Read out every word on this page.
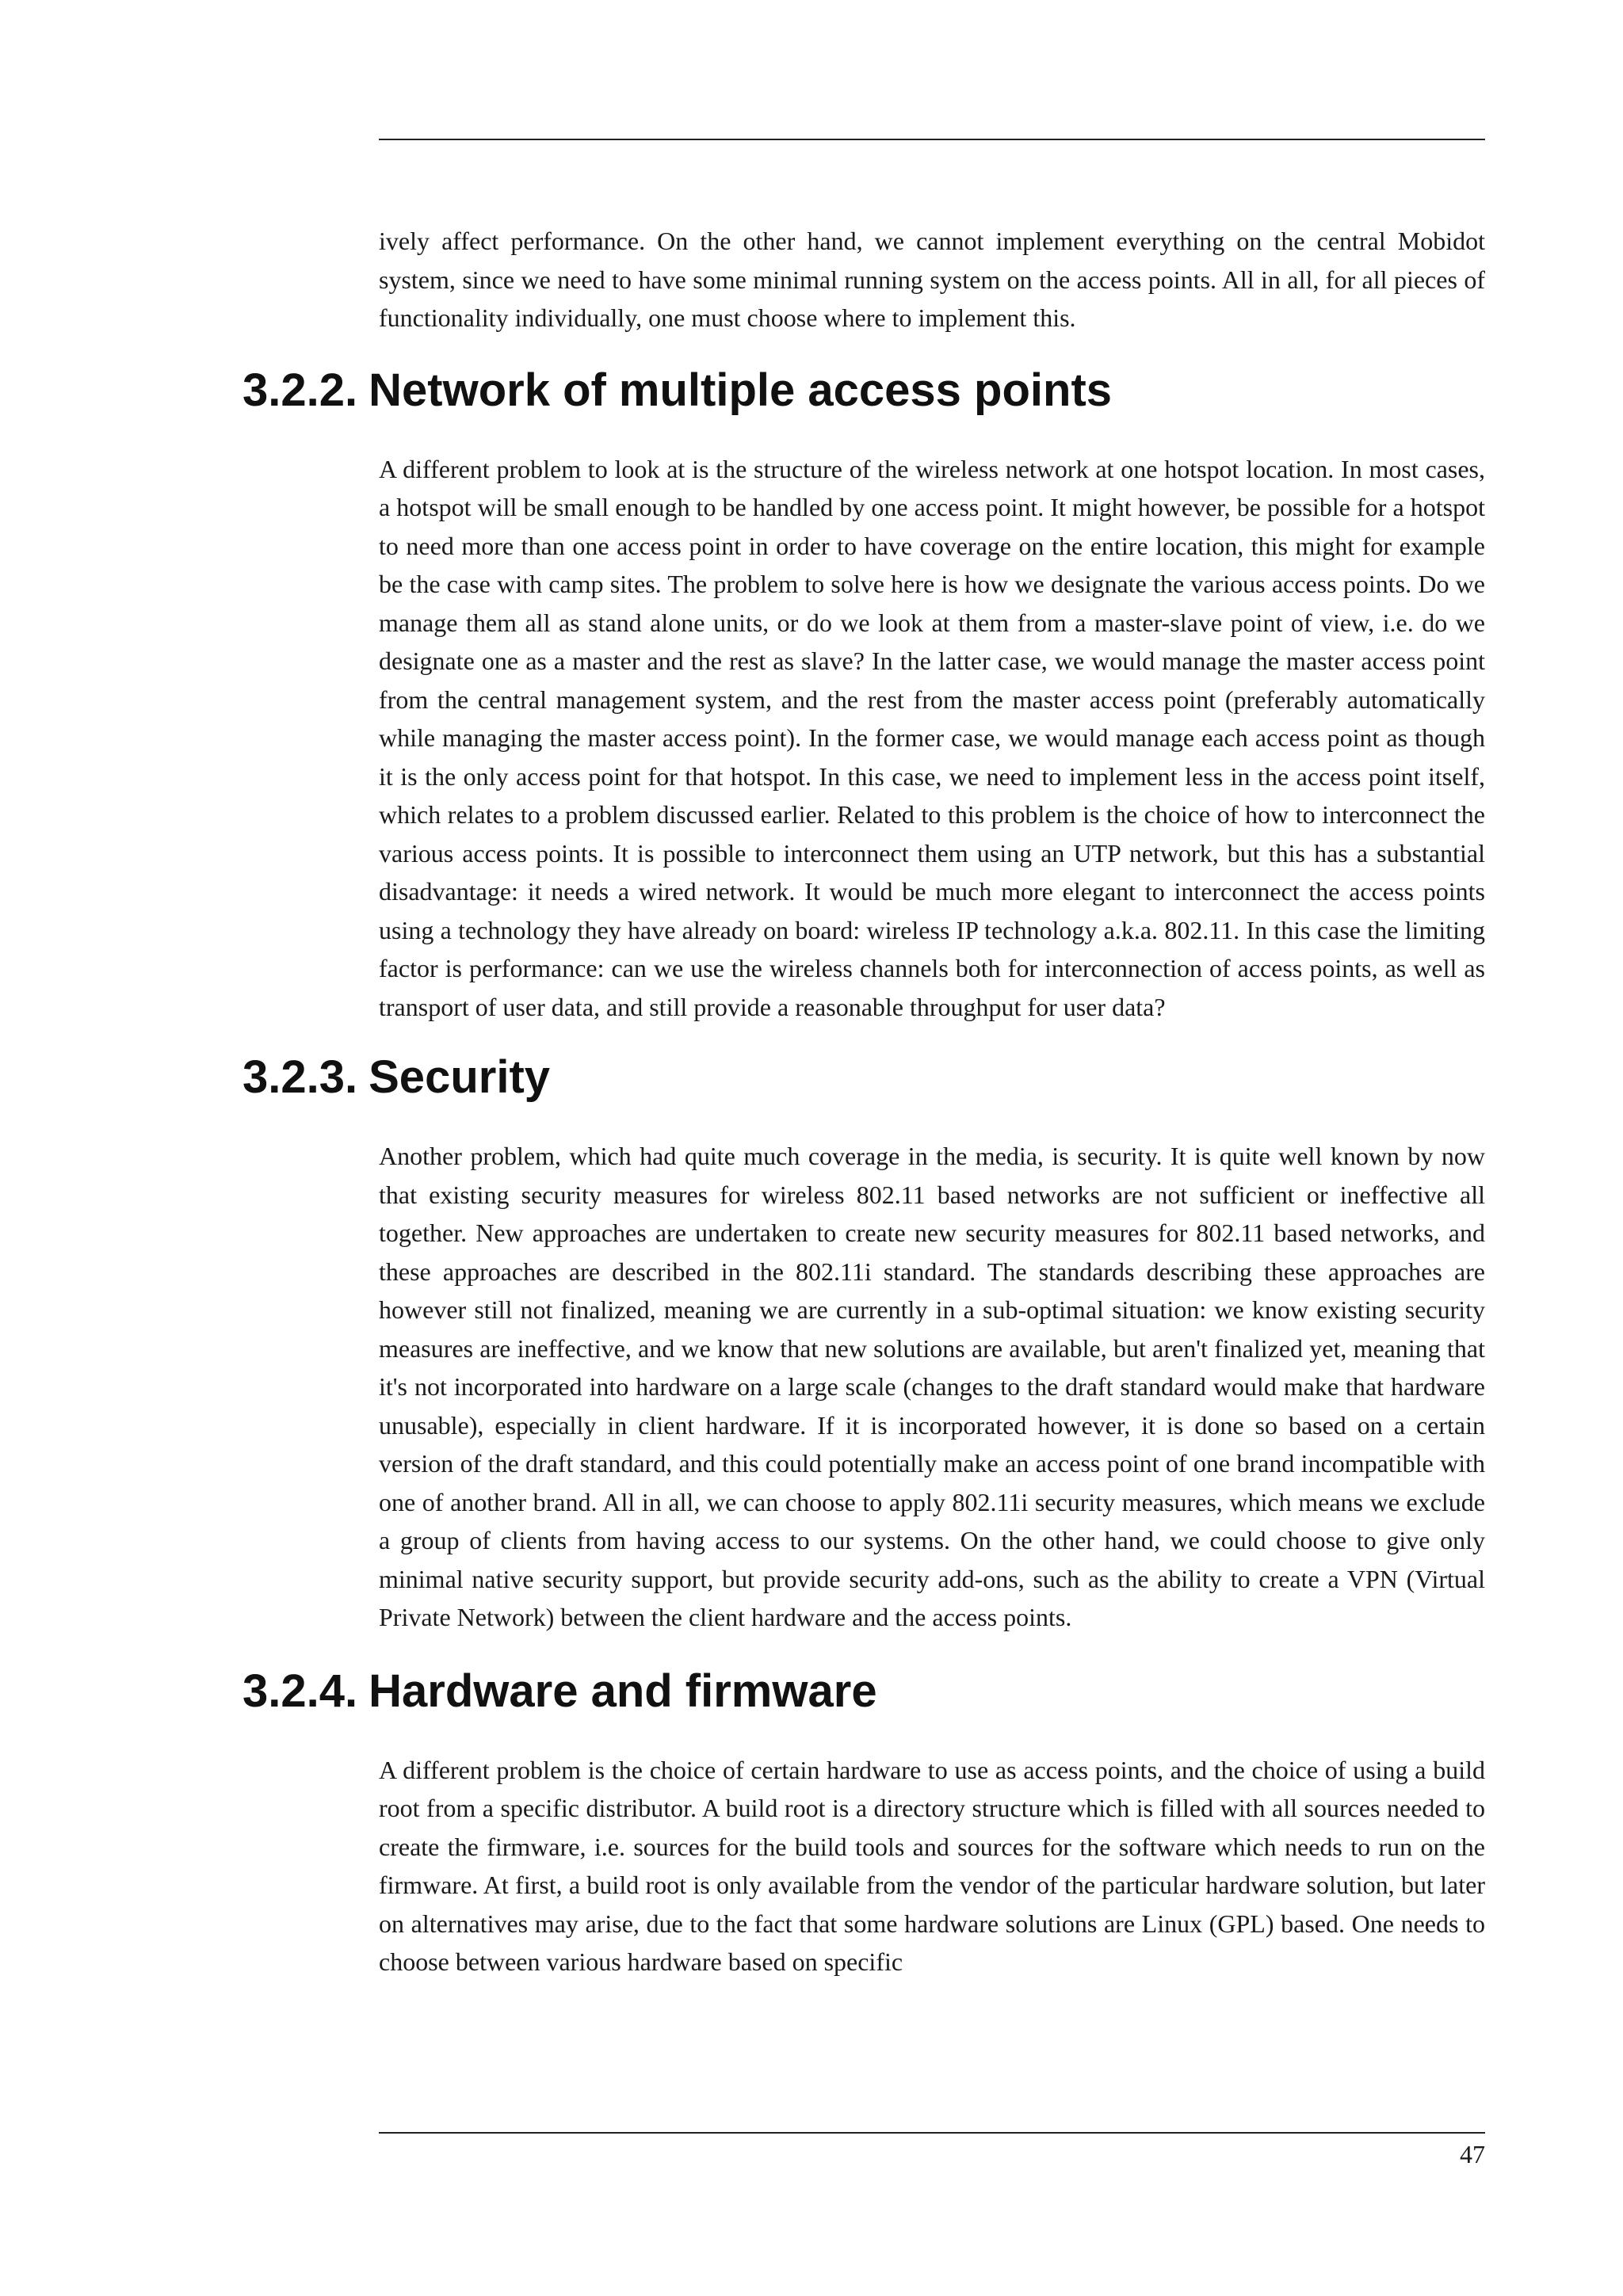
ively affect performance. On the other hand, we cannot implement everything on the central Mobidot system, since we need to have some minimal running system on the access points. All in all, for all pieces of functionality individually, one must choose where to implement this.

3.2.2. Network of multiple access points

A different problem to look at is the structure of the wireless network at one hotspot location. In most cases, a hotspot will be small enough to be handled by one access point. It might however, be possible for a hotspot to need more than one access point in order to have coverage on the entire location, this might for example be the case with camp sites. The problem to solve here is how we designate the various access points. Do we manage them all as stand alone units, or do we look at them from a master-slave point of view, i.e. do we designate one as a master and the rest as slave? In the latter case, we would manage the master access point from the central management system, and the rest from the master access point (preferably automatically while managing the master access point). In the former case, we would manage each access point as though it is the only access point for that hotspot. In this case, we need to implement less in the access point itself, which relates to a problem discussed earlier. Related to this problem is the choice of how to interconnect the various access points. It is possible to interconnect them using an UTP network, but this has a substantial disadvantage: it needs a wired network. It would be much more elegant to interconnect the access points using a technology they have already on board: wireless IP technology a.k.a. 802.11. In this case the limiting factor is performance: can we use the wireless channels both for interconnection of access points, as well as transport of user data, and still provide a reasonable throughput for user data?

3.2.3. Security

Another problem, which had quite much coverage in the media, is security. It is quite well known by now that existing security measures for wireless 802.11 based networks are not sufficient or ineffective all together. New approaches are undertaken to create new security measures for 802.11 based networks, and these approaches are described in the 802.11i standard. The standards describing these approaches are however still not finalized, meaning we are currently in a sub-optimal situation: we know existing security measures are ineffective, and we know that new solutions are available, but aren't finalized yet, meaning that it's not incorporated into hardware on a large scale (changes to the draft standard would make that hardware unusable), especially in client hardware. If it is incorporated however, it is done so based on a certain version of the draft standard, and this could potentially make an access point of one brand incompatible with one of another brand. All in all, we can choose to apply 802.11i security measures, which means we exclude a group of clients from having access to our systems. On the other hand, we could choose to give only minimal native security support, but provide security add-ons, such as the ability to create a VPN (Virtual Private Network) between the client hardware and the access points.

3.2.4. Hardware and firmware

A different problem is the choice of certain hardware to use as access points, and the choice of using a build root from a specific distributor. A build root is a directory structure which is filled with all sources needed to create the firmware, i.e. sources for the build tools and sources for the software which needs to run on the firmware. At first, a build root is only available from the vendor of the particular hardware solution, but later on alternatives may arise, due to the fact that some hardware solutions are Linux (GPL) based. One needs to choose between various hardware based on specific

47
